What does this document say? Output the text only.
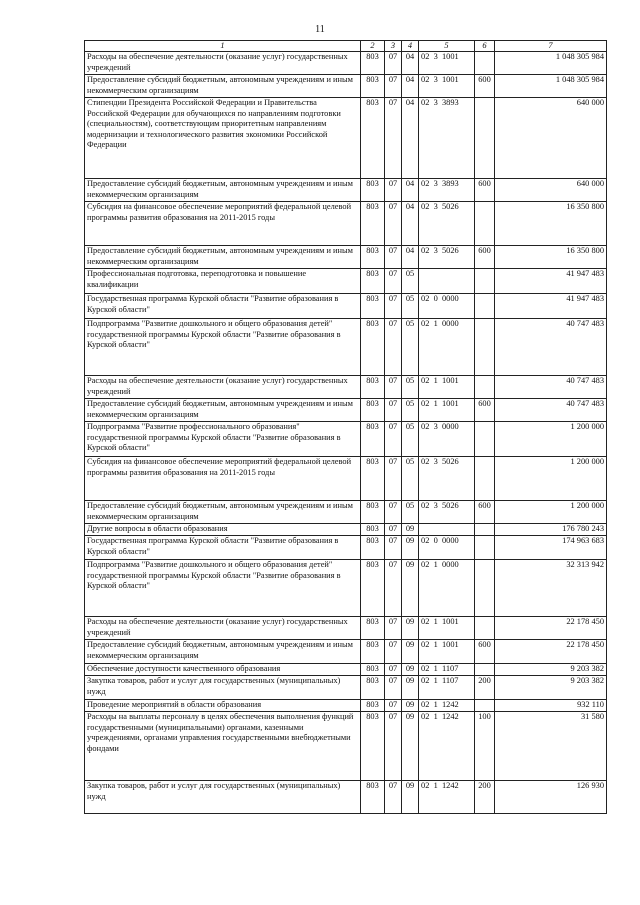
11
1	2	3	4	5	6	7
Расходы на обеспечение деятельности (оказание услуг) государственных учреждений	803	07	04	02  3  1001		1 048 305 984
Предоставление субсидий бюджетным, автономным учреждениям и иным некоммерческим организациям	803	07	04	02  3  1001	600	1 048 305 984
Стипендии Президента Российской Федерации и Правительства Российской Федерации для обучающихся по направлениям подготовки (специальностям), соответствующим приоритетным направлениям модернизации и технологического развития экономики Российской Федерации	803	07	04	02  3  3893		640 000
Предоставление субсидий бюджетным, автономным учреждениям и иным некоммерческим организациям	803	07	04	02  3  3893	600	640 000
Субсидия на финансовое обеспечение мероприятий федеральной целевой программы развития образования на 2011-2015 годы	803	07	04	02  3  5026		16 350 800
Предоставление субсидий бюджетным, автономным учреждениям и иным некоммерческим организациям	803	07	04	02  3  5026	600	16 350 800
Профессиональная подготовка, переподготовка и повышение квалификации	803	07	05			41 947 483
Государственная программа Курской области "Развитие образования в Курской области"	803	07	05	02  0  0000		41 947 483
Подпрограмма "Развитие дошкольного и общего образования детей" государственной программы Курской области "Развитие образования в Курской области"	803	07	05	02  1  0000		40 747 483
Расходы на обеспечение деятельности (оказание услуг) государственных учреждений	803	07	05	02  1  1001		40 747 483
Предоставление субсидий бюджетным, автономным учреждениям и иным некоммерческим организациям	803	07	05	02  1  1001	600	40 747 483
Подпрограмма "Развитие профессионального образования" государственной программы Курской области "Развитие образования в Курской области"	803	07	05	02  3  0000		1 200 000
Субсидия на финансовое обеспечение мероприятий федеральной целевой программы развития образования на 2011-2015 годы	803	07	05	02  3  5026		1 200 000
Предоставление субсидий бюджетным, автономным учреждениям и иным некоммерческим организациям	803	07	05	02  3  5026	600	1 200 000
Другие вопросы в области образования	803	07	09			176 780 243
Государственная программа Курской области "Развитие образования в Курской области"	803	07	09	02  0  0000		174 963 683
Подпрограмма "Развитие дошкольного и общего образования детей" государственной программы Курской области "Развитие образования в Курской области"	803	07	09	02  1  0000		32 313 942
Расходы на обеспечение деятельности (оказание услуг) государственных учреждений	803	07	09	02  1  1001		22 178 450
Предоставление субсидий бюджетным, автономным учреждениям и иным некоммерческим организациям	803	07	09	02  1  1001	600	22 178 450
Обеспечение доступности качественного образования	803	07	09	02  1  1107		9 203 382
Закупка товаров, работ и услуг для государственных (муниципальных) нужд	803	07	09	02  1  1107	200	9 203 382
Проведение мероприятий в области образования	803	07	09	02  1  1242		932 110
Расходы на выплаты персоналу в целях обеспечения выполнения функций государственными (муниципальными) органами, казенными учреждениями, органами управления государственными внебюджетными фондами	803	07	09	02  1  1242	100	31 580
Закупка товаров, работ и услуг для государственных (муниципальных) нужд	803	07	09	02  1  1242	200	126 930
